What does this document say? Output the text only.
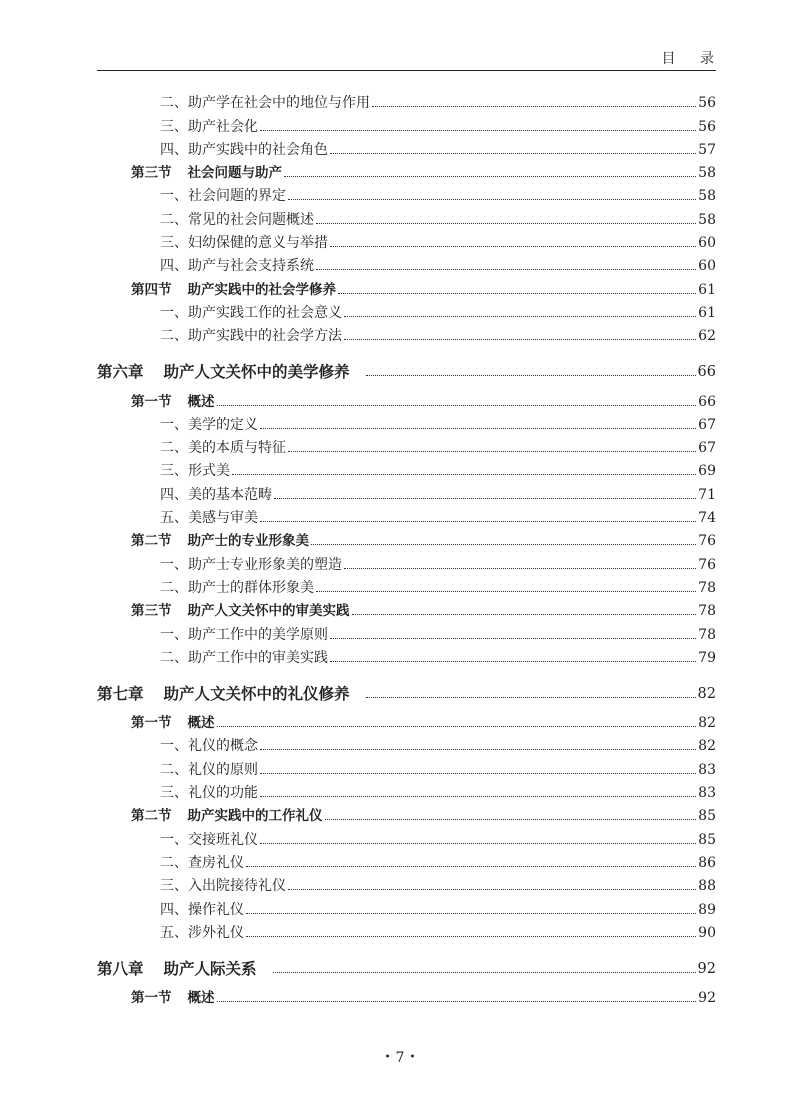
目 录
二、助产学在社会中的地位与作用	56
三、助产社会化	56
四、助产实践中的社会角色	57
第三节 社会问题与助产	58
一、社会问题的界定	58
二、常见的社会问题概述	58
三、妇幼保健的意义与举措	60
四、助产与社会支持系统	60
第四节 助产实践中的社会学修养	61
一、助产实践工作的社会意义	61
二、助产实践中的社会学方法	62
第六章 助产人文关怀中的美学修养	66
第一节 概述	66
一、美学的定义	67
二、美的本质与特征	67
三、形式美	69
四、美的基本范畴	71
五、美感与审美	74
第二节 助产士的专业形象美	76
一、助产士专业形象美的塑造	76
二、助产士的群体形象美	78
第三节 助产人文关怀中的审美实践	78
一、助产工作中的美学原则	78
二、助产工作中的审美实践	79
第七章 助产人文关怀中的礼仪修养	82
第一节 概述	82
一、礼仪的概念	82
二、礼仪的原则	83
三、礼仪的功能	83
第二节 助产实践中的工作礼仪	85
一、交接班礼仪	85
二、查房礼仪	86
三、入出院接待礼仪	88
四、操作礼仪	89
五、涉外礼仪	90
第八章 助产人际关系	92
第一节 概述	92
• 7 •
